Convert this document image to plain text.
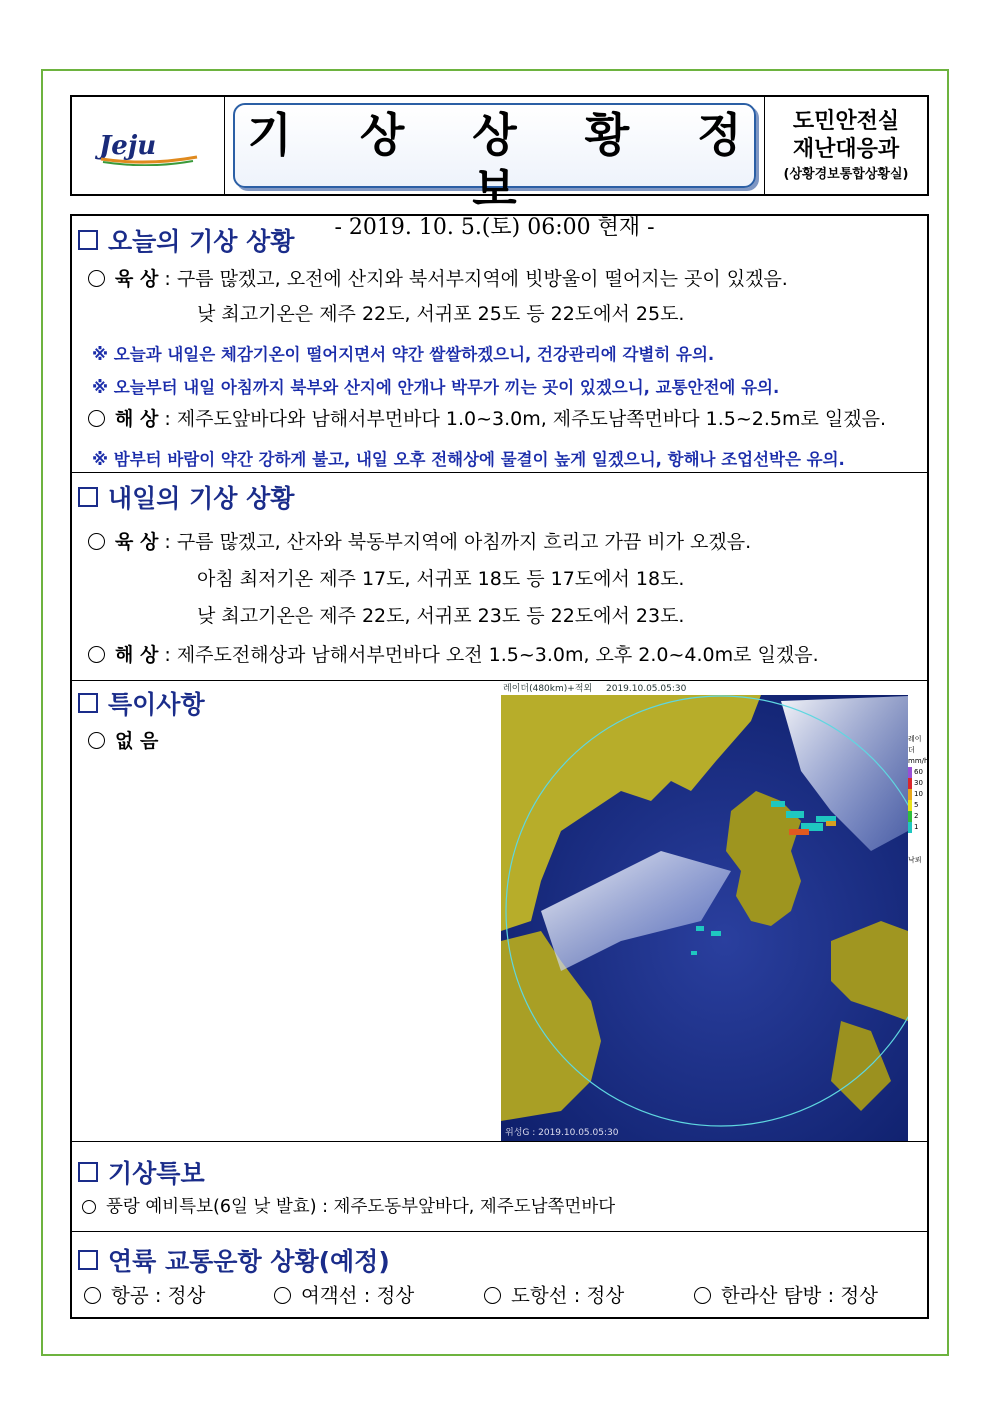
Jeju 기 상 상 황 정 보
- 2019. 10. 5.(토) 06:00 현재 -
도민안전실
재난대응과
(상황경보통합상황실)
오늘의 기상 상황
육 상 : 구름 많겠고, 오전에 산지와 북서부지역에 빗방울이 떨어지는 곳이 있겠음.
낮 최고기온은 제주 22도, 서귀포 25도 등 22도에서 25도.
※ 오늘과 내일은 체감기온이 떨어지면서 약간 쌀쌀하겠으니, 건강관리에 각별히 유의.
※ 오늘부터 내일 아침까지 북부와 산지에 안개나 박무가 끼는 곳이 있겠으니, 교통안전에 유의.
해 상 : 제주도앞바다와 남해서부먼바다 1.0~3.0m, 제주도남쪽먼바다 1.5~2.5m로 일겠음.
※ 밤부터 바람이 약간 강하게 불고, 내일 오후 전해상에 물결이 높게 일겠으니, 항해나 조업선박은 유의.
내일의 기상 상황
육 상 : 구름 많겠고, 산자와 북동부지역에 아침까지 흐리고 가끔 비가 오겠음.
아침 최저기온 제주 17도, 서귀포 18도 등 17도에서 18도.
낮 최고기온은 제주 22도, 서귀포 23도 등 22도에서 23도.
해 상 : 제주도전해상과 남해서부먼바다 오전 1.5~3.0m, 오후 2.0~4.0m로 일겠음.
특이사항
없 음
레이더(480km)+적외 2019.10.05.05:30
위성G : 2019.10.05.05:30
레이더
mm/h
60
30
10
5
2
1
낙뢰
기상특보
풍랑 예비특보(6일 낮 발효) : 제주도동부앞바다, 제주도남쪽먼바다
연륙 교통운항 상황(예정)
항공 : 정상	여객선 : 정상	도항선 : 정상	한라산 탐방 : 정상
